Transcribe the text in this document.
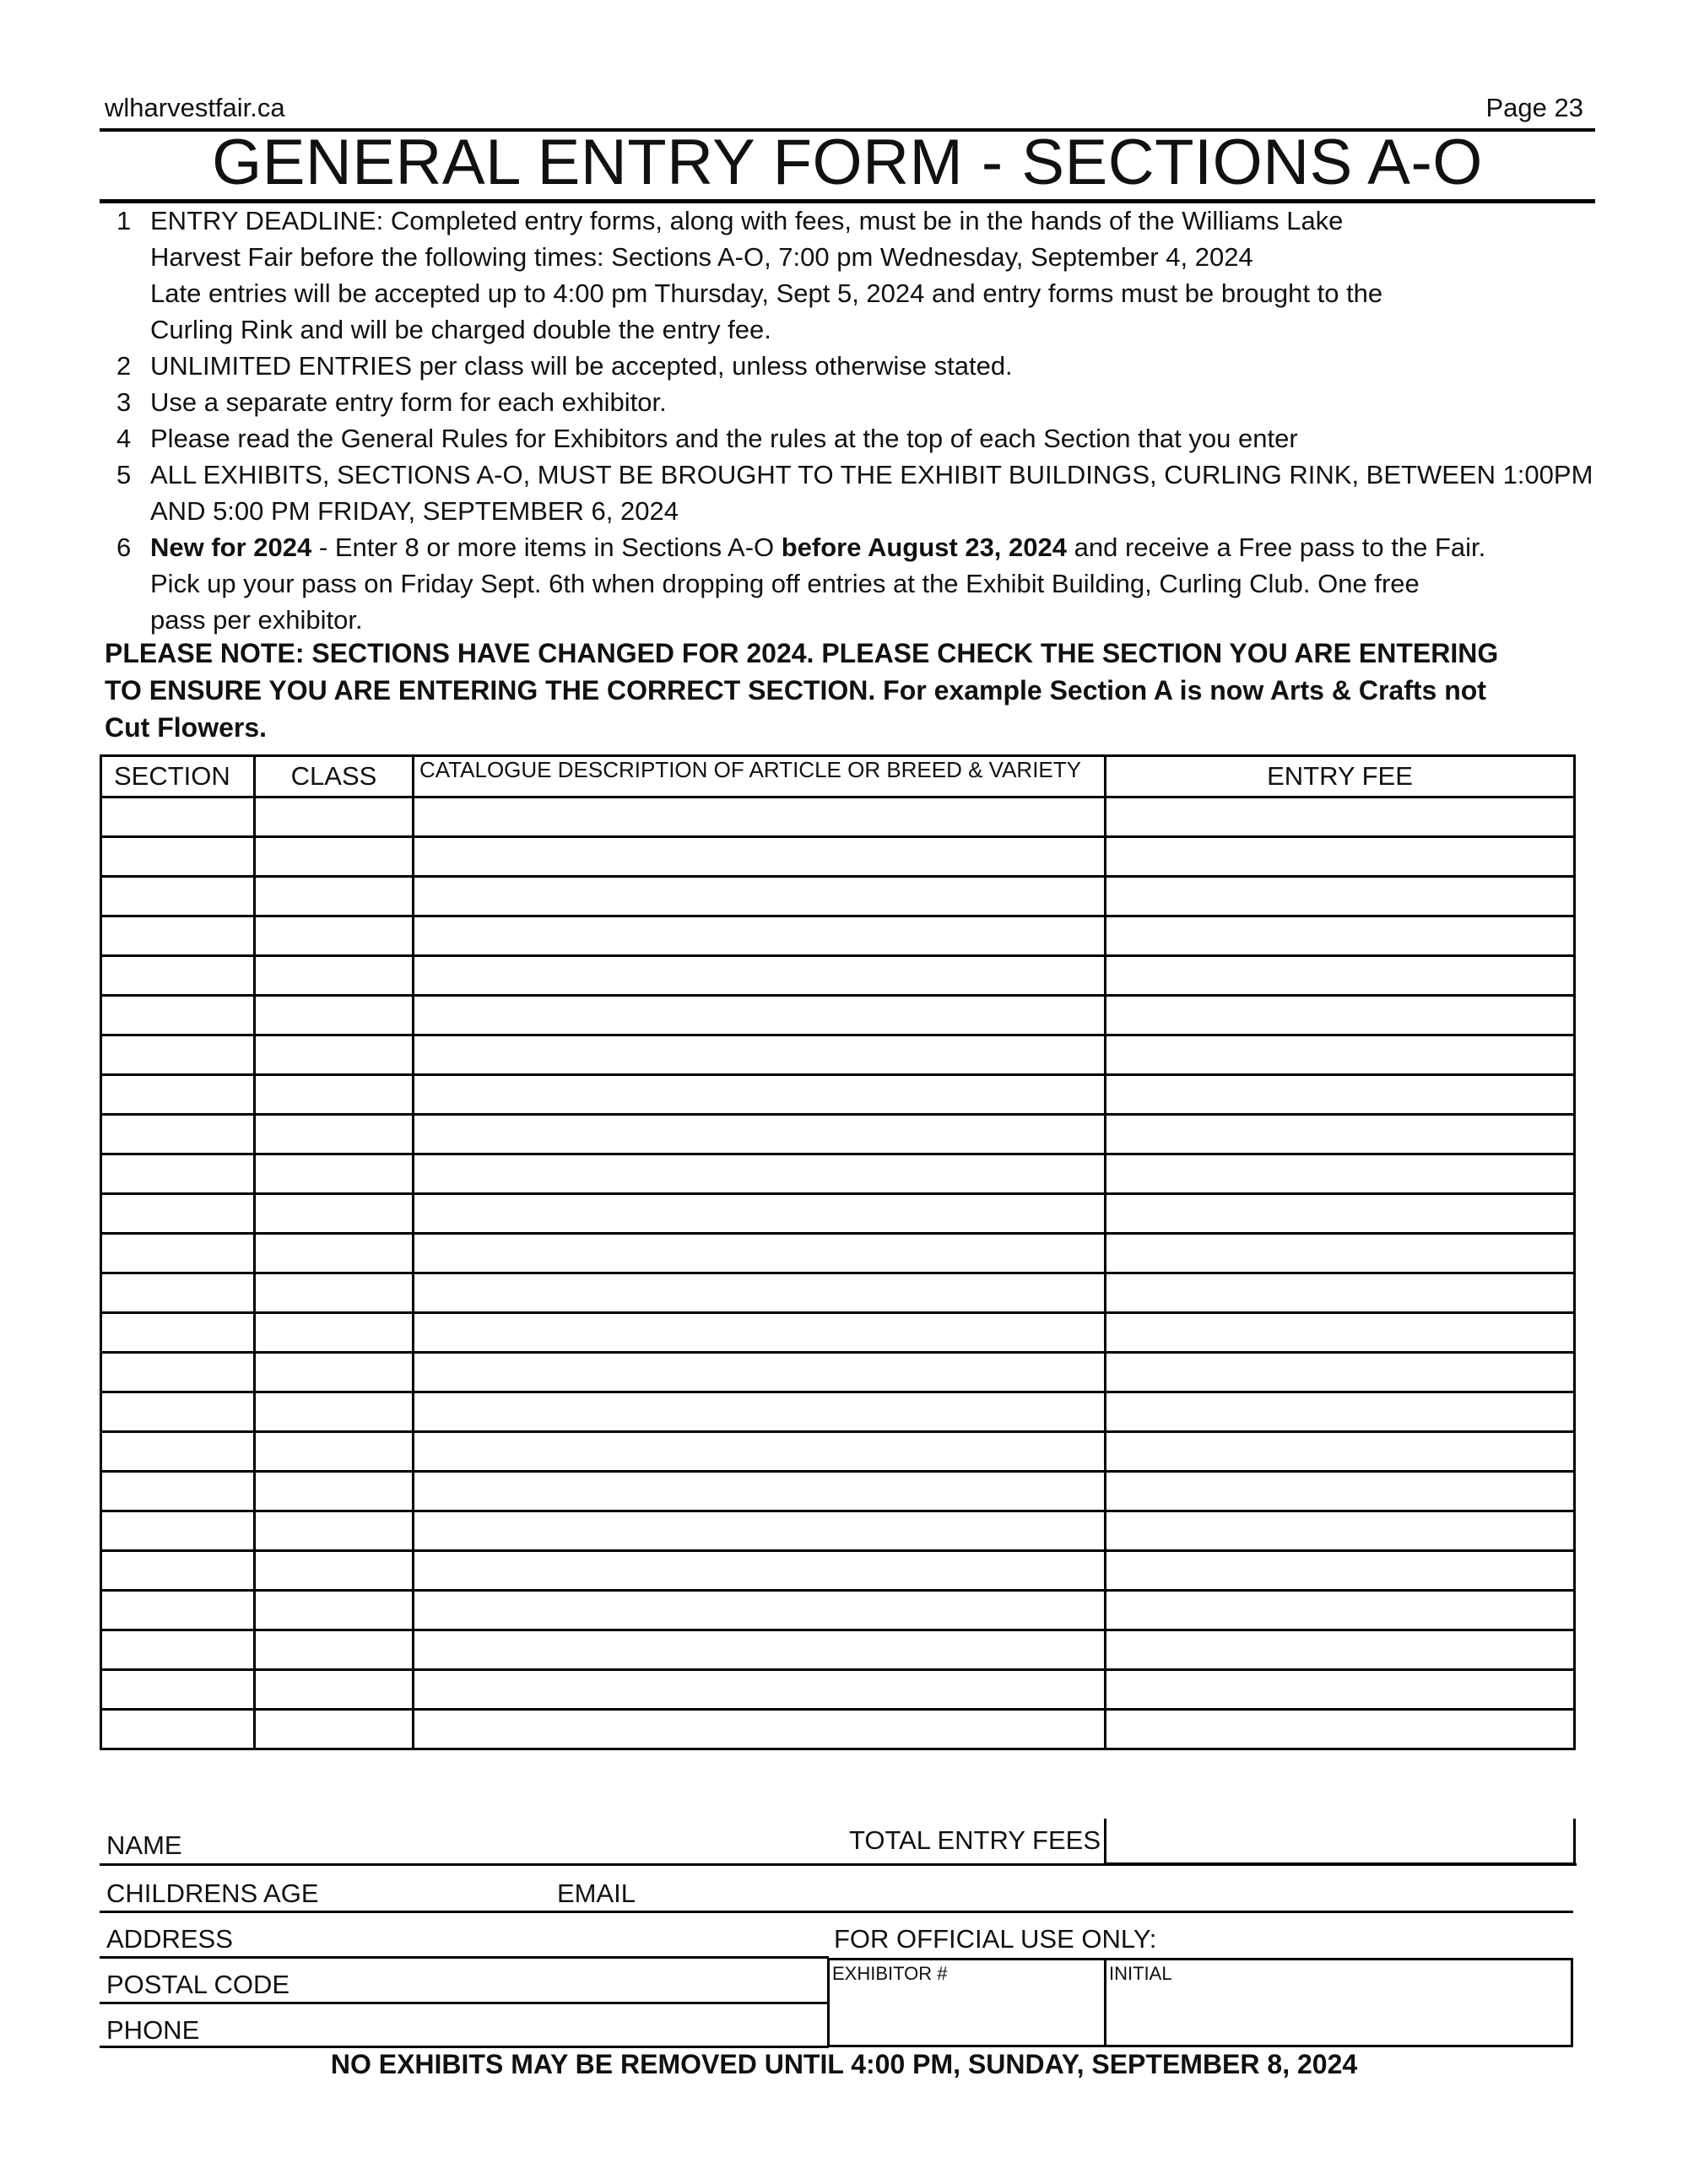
wlharvestfair.ca	Page 23
GENERAL ENTRY FORM - SECTIONS A-O
1 ENTRY DEADLINE: Completed entry forms, along with fees, must be in the hands of the Williams Lake
Harvest Fair before the following times: Sections A-O, 7:00 pm Wednesday, September 4, 2024
Late entries will be accepted up to 4:00 pm Thursday, Sept 5, 2024 and entry forms must be brought to the
Curling Rink and will be charged double the entry fee.
2 UNLIMITED ENTRIES per class will be accepted, unless otherwise stated.
3 Use a separate entry form for each exhibitor.
4 Please read the General Rules for Exhibitors and the rules at the top of each Section that you enter
5 ALL EXHIBITS, SECTIONS A-O, MUST BE BROUGHT TO THE EXHIBIT BUILDINGS, CURLING RINK, BETWEEN 1:00PM
AND 5:00 PM FRIDAY, SEPTEMBER 6, 2024
6 New for 2024 - Enter 8 or more items in Sections A-O before August 23, 2024 and receive a Free pass to the Fair.
Pick up your pass on Friday Sept. 6th when dropping off entries at the Exhibit Building, Curling Club. One free
pass per exhibitor.
PLEASE NOTE: SECTIONS HAVE CHANGED FOR 2024. PLEASE CHECK THE SECTION YOU ARE ENTERING
TO ENSURE YOU ARE ENTERING THE CORRECT SECTION. For example Section A is now Arts & Crafts not
Cut Flowers.
SECTION	CLASS	CATALOGUE DESCRIPTION OF ARTICLE OR BREED & VARIETY	ENTRY FEE

NAME	TOTAL ENTRY FEES
CHILDRENS AGE	EMAIL
ADDRESS	FOR OFFICIAL USE ONLY:
EXHIBITOR #	INITIAL
POSTAL CODE
PHONE
NO EXHIBITS MAY BE REMOVED UNTIL 4:00 PM, SUNDAY, SEPTEMBER 8, 2024
